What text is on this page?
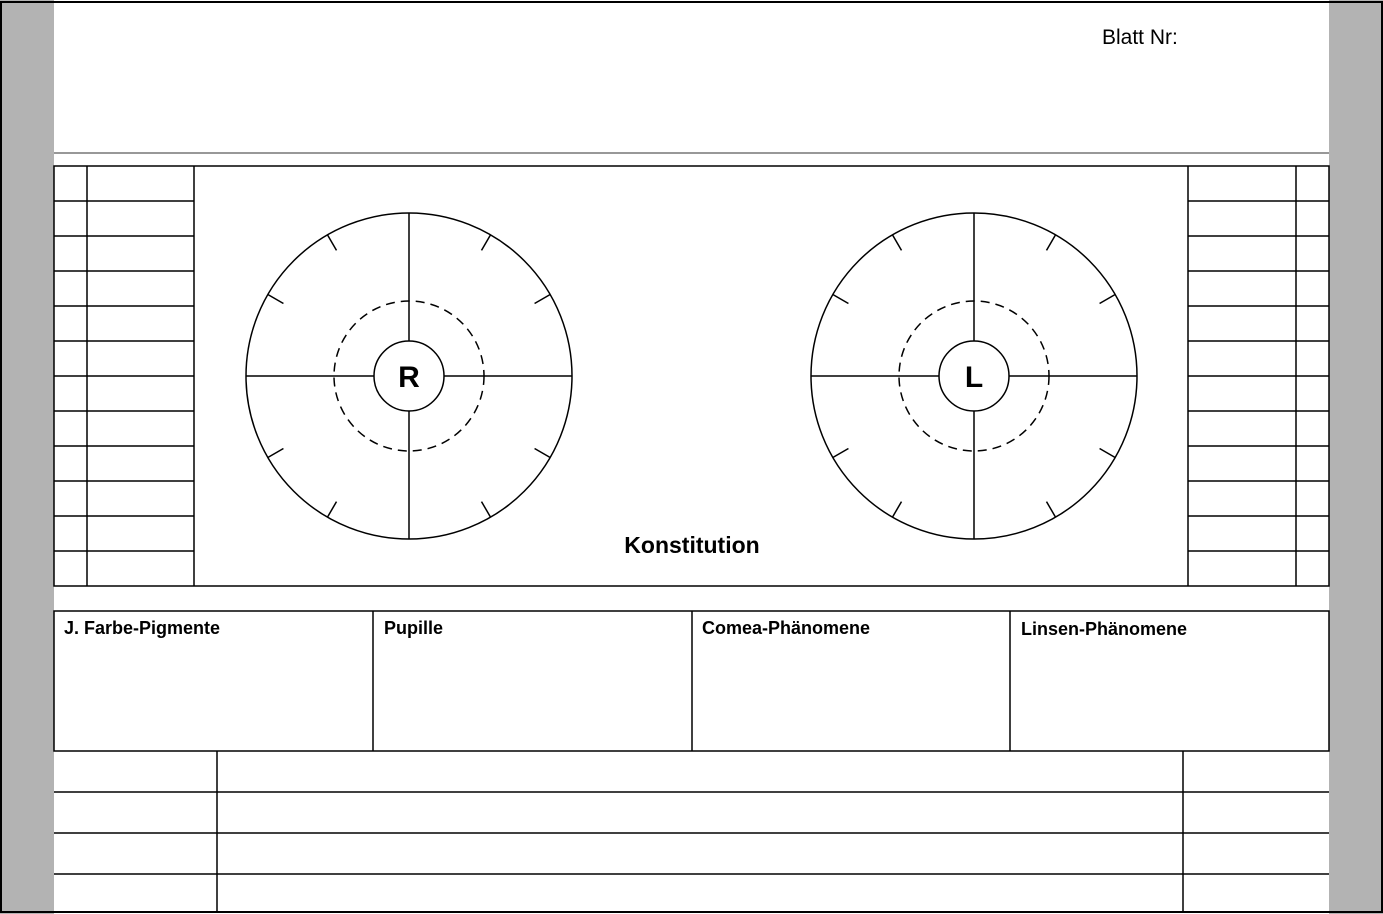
Blatt Nr:
R	L
Konstitution
J. Farbe-Pigmente	Pupille	Comea-Phänomene	Linsen-Phänomene
